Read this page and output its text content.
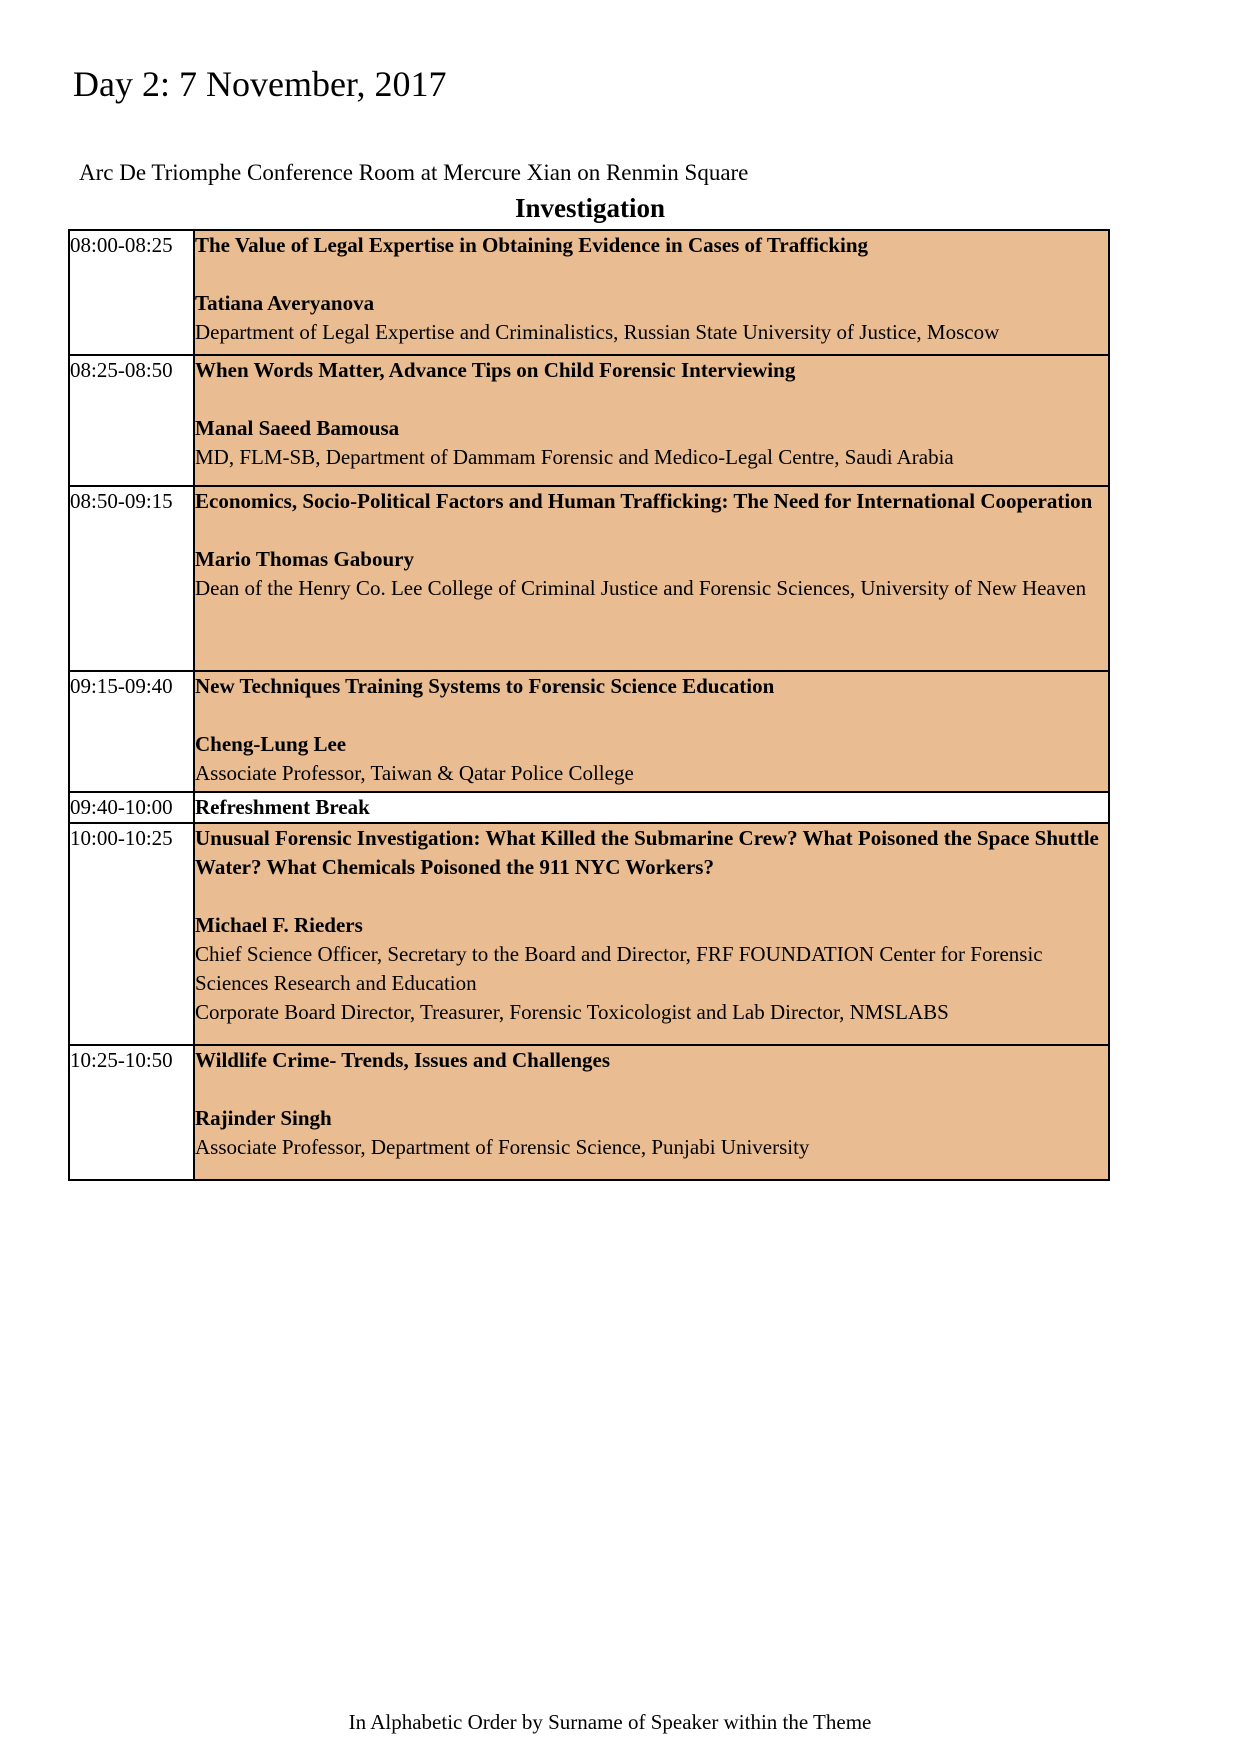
Day 2: 7 November, 2017
Arc De Triomphe Conference Room at Mercure Xian on Renmin Square
Investigation
08:00-08:25	The Value of Legal Expertise in Obtaining Evidence in Cases of Trafficking
Tatiana Averyanova
Department of Legal Expertise and Criminalistics, Russian State University of Justice, Moscow

08:25-08:50	When Words Matter, Advance Tips on Child Forensic Interviewing
Manal Saeed Bamousa
MD, FLM-SB, Department of Dammam Forensic and Medico-Legal Centre, Saudi Arabia

08:50-09:15	Economics, Socio-Political Factors and Human Trafficking: The Need for International Cooperation
Mario Thomas Gaboury
Dean of the Henry Co. Lee College of Criminal Justice and Forensic Sciences, University of New Heaven

09:15-09:40	New Techniques Training Systems to Forensic Science Education
Cheng-Lung Lee
Associate Professor, Taiwan & Qatar Police College

09:40-10:00	Refreshment Break

10:00-10:25	Unusual Forensic Investigation: What Killed the Submarine Crew? What Poisoned the Space Shuttle Water? What Chemicals Poisoned the 911 NYC Workers?
Michael F. Rieders
Chief Science Officer, Secretary to the Board and Director, FRF FOUNDATION Center for Forensic Sciences Research and Education
Corporate Board Director, Treasurer, Forensic Toxicologist and Lab Director, NMSLABS

10:25-10:50	Wildlife Crime- Trends, Issues and Challenges
Rajinder Singh
Associate Professor, Department of Forensic Science, Punjabi University
In Alphabetic Order by Surname of Speaker within the Theme
